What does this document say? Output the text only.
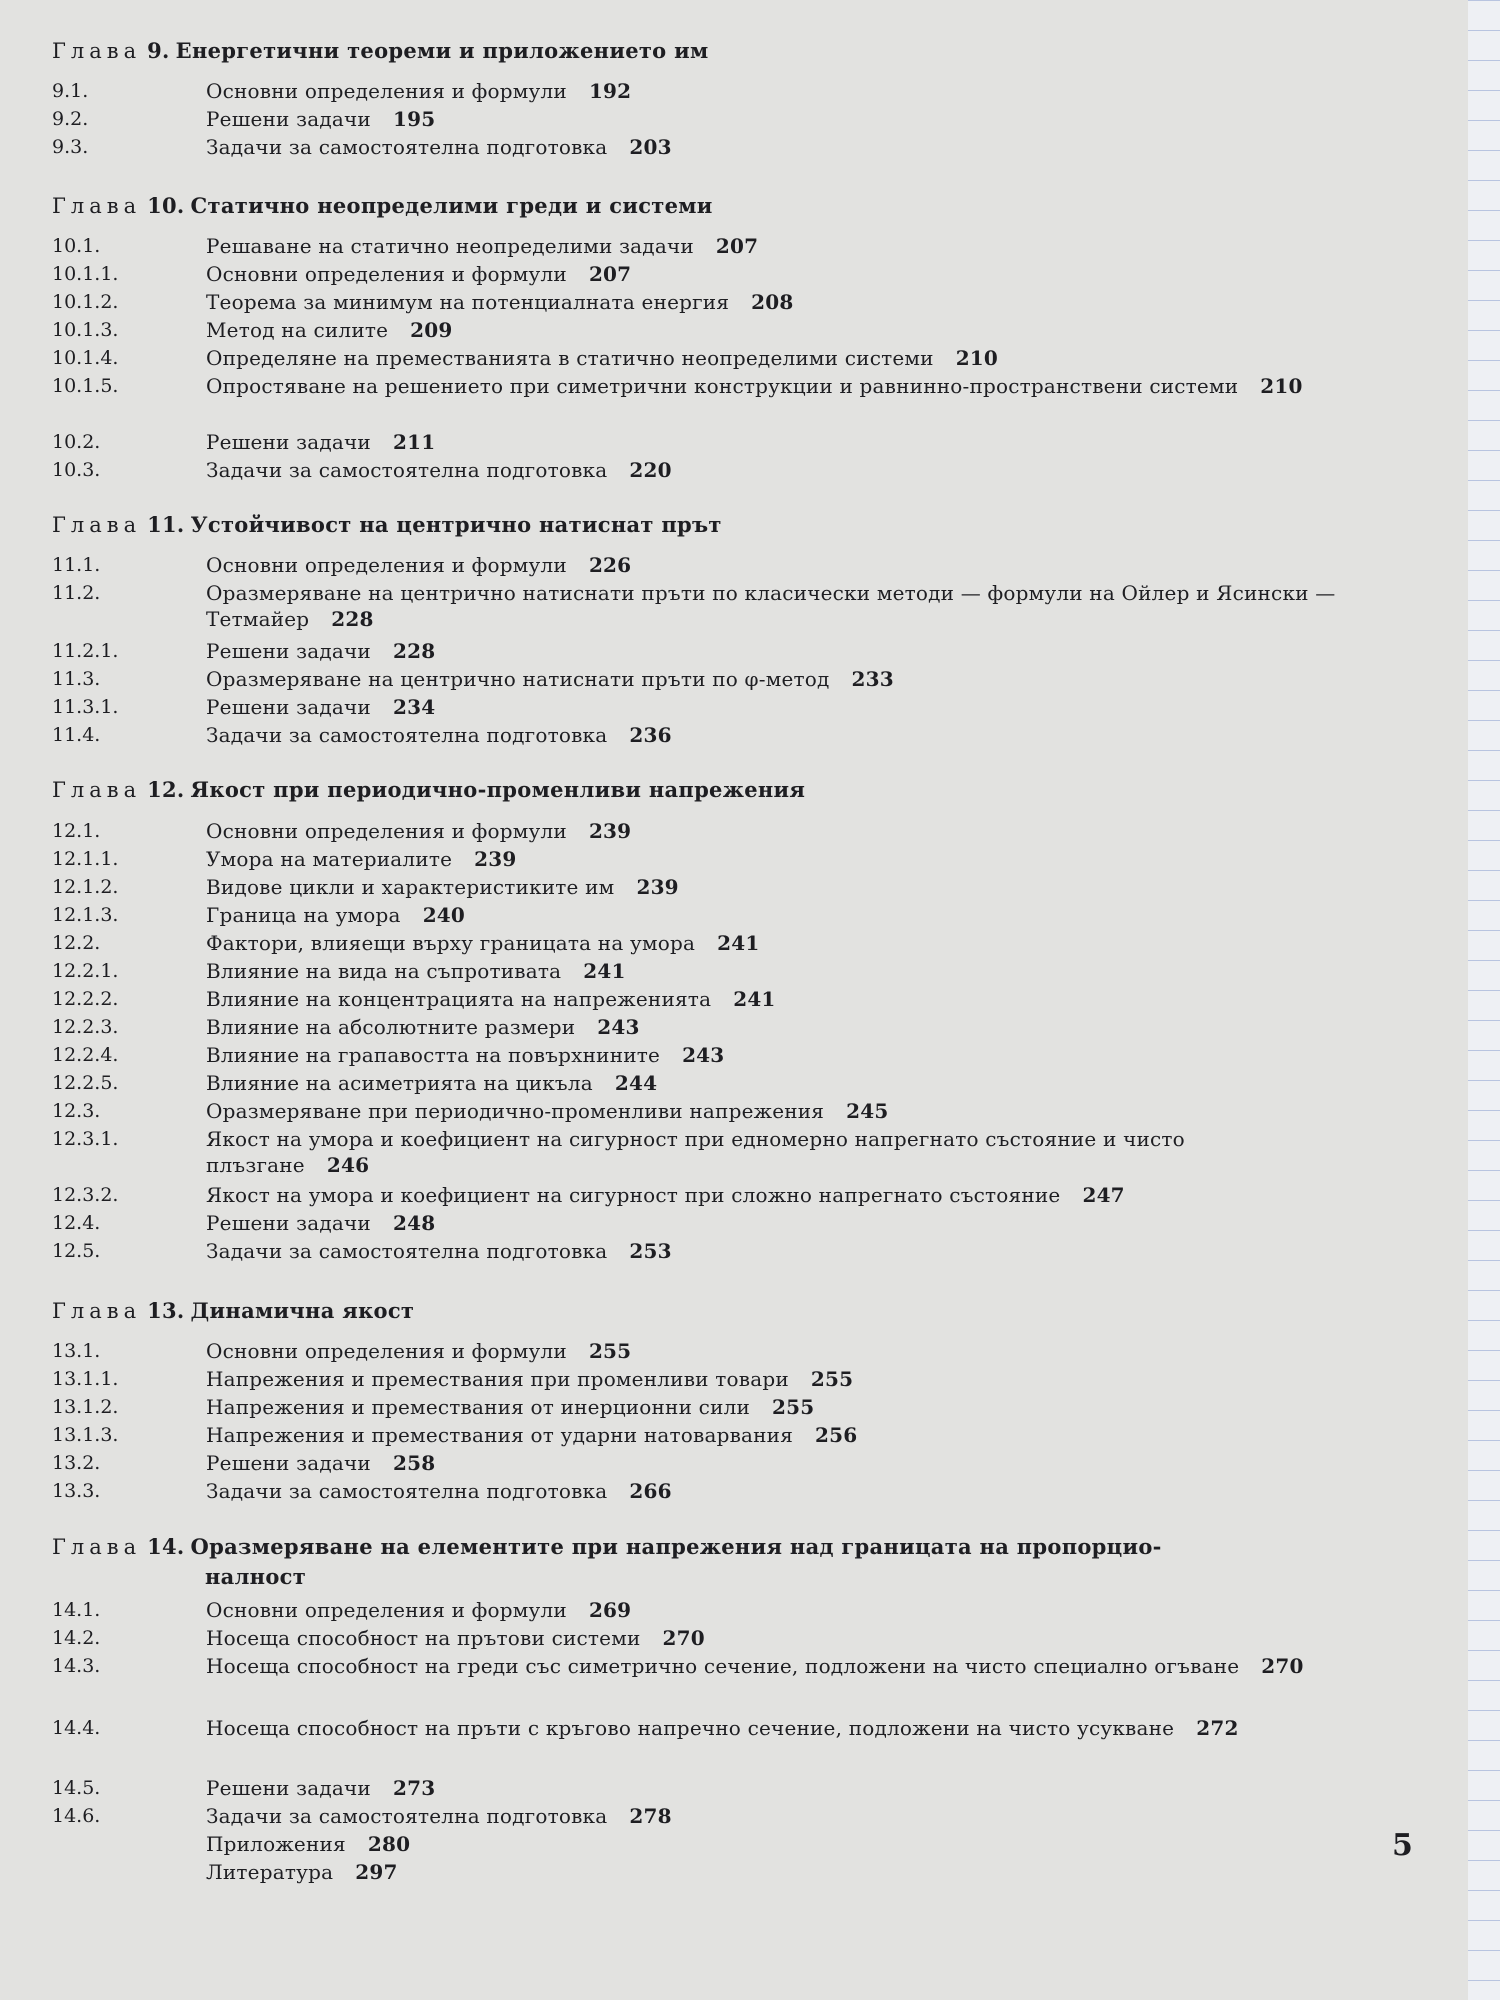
Глава 9. Енергетични теореми и приложението им
9.1.	Основни определения и формули 192
9.2.	Решени задачи 195
9.3.	Задачи за самостоятелна подготовка 203
Глава 10. Статично неопределими греди и системи
10.1.	Решаване на статично неопределими задачи 207
10.1.1.	Основни определения и формули 207
10.1.2.	Теорема за минимум на потенциалната енергия 208
10.1.3.	Метод на силите 209
10.1.4.	Определяне на преместванията в статично неопределими системи 210
10.1.5.	Опростяване на решението при симетрични конструкции и равнинно-пространствени системи 210
10.2.	Решени задачи 211
10.3.	Задачи за самостоятелна подготовка 220
Глава 11. Устойчивост на центрично натиснат прът
11.1.	Основни определения и формули 226
11.2.	Оразмеряване на центрично натиснати пръти по класически методи — формули на Ойлер и Ясински — Тетмайер 228
11.2.1.	Решени задачи 228
11.3.	Оразмеряване на центрично натиснати пръти по φ-метод 233
11.3.1.	Решени задачи 234
11.4.	Задачи за самостоятелна подготовка 236
Глава 12. Якост при периодично-променливи напрежения
12.1.	Основни определения и формули 239
12.1.1.	Умора на материалите 239
12.1.2.	Видове цикли и характеристиките им 239
12.1.3.	Граница на умора 240
12.2.	Фактори, влияещи върху границата на умора 241
12.2.1.	Влияние на вида на съпротивата 241
12.2.2.	Влияние на концентрацията на напреженията 241
12.2.3.	Влияние на абсолютните размери 243
12.2.4.	Влияние на грапавостта на повърхнините 243
12.2.5.	Влияние на асиметрията на цикъла 244
12.3.	Оразмеряване при периодично-променливи напрежения 245
12.3.1.	Якост на умора и коефициент на сигурност при едномерно напрегнато състояние и чисто плъзгане 246
12.3.2.	Якост на умора и коефициент на сигурност при сложно напрегнато състояние 247
12.4.	Решени задачи 248
12.5.	Задачи за самостоятелна подготовка 253
Глава 13. Динамична якост
13.1.	Основни определения и формули 255
13.1.1.	Напрежения и премествания при променливи товари 255
13.1.2.	Напрежения и премествания от инерционни сили 255
13.1.3.	Напрежения и премествания от ударни натоварвания 256
13.2.	Решени задачи 258
13.3.	Задачи за самостоятелна подготовка 266
Глава 14. Оразмеряване на елементите при напрежения над границата на пропорцио-
налност
14.1.	Основни определения и формули 269
14.2.	Носеща способност на прътови системи 270
14.3.	Носеща способност на греди със симетрично сечение, подложени на чисто специално огъване 270
14.4.	Носеща способност на пръти с кръгово напречно сечение, подложени на чисто усукване 272
14.5.	Решени задачи 273
14.6.	Задачи за самостоятелна подготовка 278
Приложения 280
Литература 297
5
